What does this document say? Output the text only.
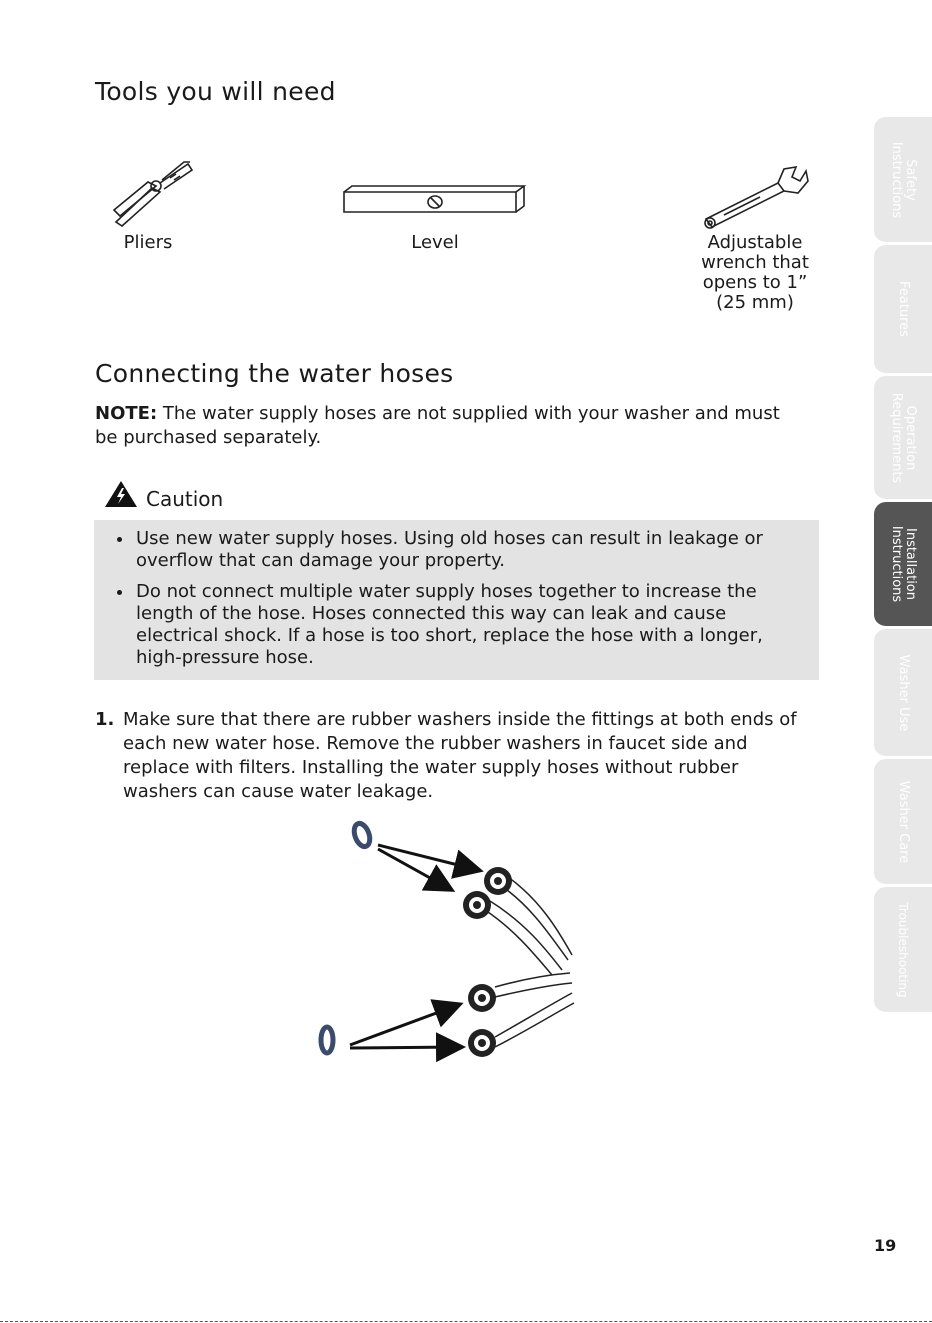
Tools you will need
Pliers	Level	Adjustable
wrench that
opens to 1”
(25 mm)
Connecting the water hoses
NOTE: The water supply hoses are not supplied with your washer and must be purchased separately.
Caution
• Use new water supply hoses. Using old hoses can result in leakage or overflow that can damage your property.
• Do not connect multiple water supply hoses together to increase the length of the hose. Hoses connected this way can leak and cause electrical shock. If a hose is too short, replace the hose with a longer, high-pressure hose.
1. Make sure that there are rubber washers inside the fittings at both ends of each new water hose. Remove the rubber washers in faucet side and replace with filters. Installing the water supply hoses without rubber washers can cause water leakage.
Safety
Instructions
Features
Operation
Requirements
Installation
Instructions
Washer Use
Washer Care
Troubleshooting
19
